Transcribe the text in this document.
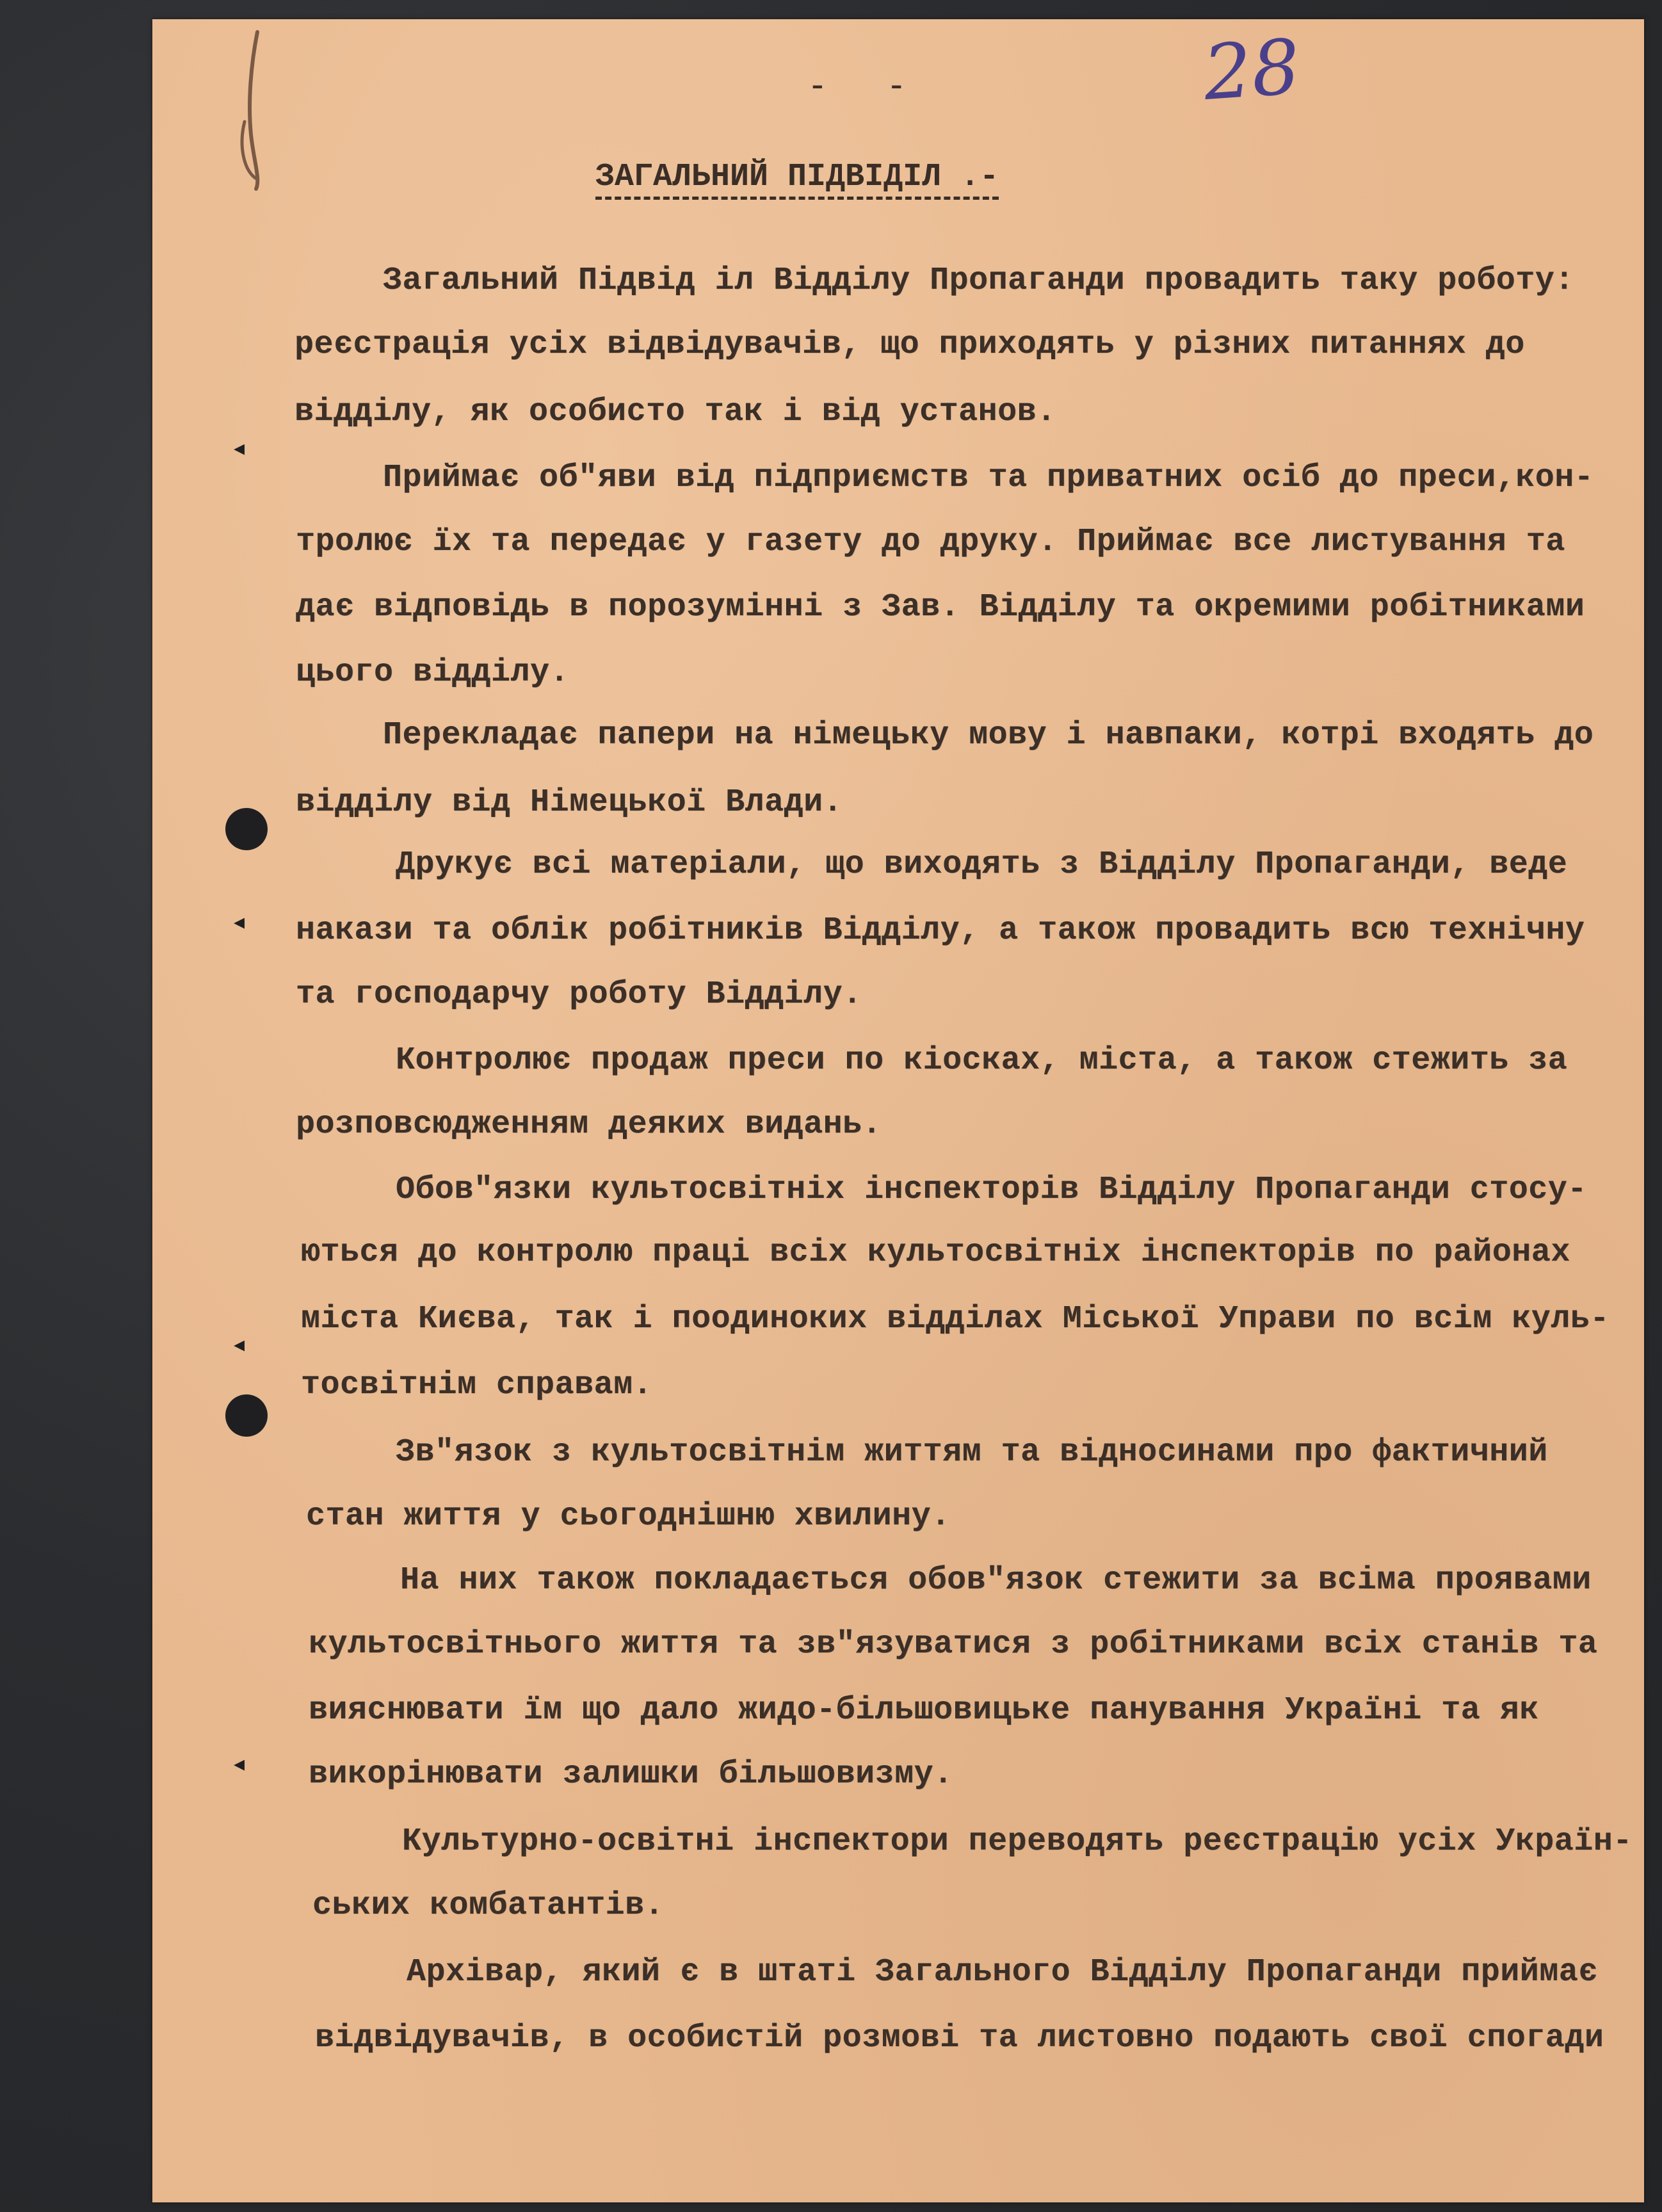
28
- -
◂
◂
◂
◂
ЗАГАЛЬНИЙ ПІДВІДІЛ .-
Загальний Підвід іл Відділу Пропаганди провадить таку роботу:
реєстрація усіх відвідувачів, що приходять у різних питаннях до
відділу, як особисто так і від установ.
Приймає об"яви від підприємств та приватних осіб до преси,кон-
тролює їх та передає у газету до друку. Приймає все листування та
дає відповідь в порозумінні з Зав. Відділу та окремими робітниками
цього відділу.
Перекладає папери на німецьку мову і навпаки, котрі входять до
відділу від Німецької Влади.
Друкує всі матеріали, що виходять з Відділу Пропаганди, веде
накази та облік робітників Відділу, а також провадить всю технічну
та господарчу роботу Відділу.
Контролює продаж преси по кіосках, міста, а також стежить за
розповсюдженням деяких видань.
Обов"язки культосвітніх інспекторів Відділу Пропаганди стосу-
ються до контролю праці всіх культосвітніх інспекторів по районах
міста Києва, так і поодиноких відділах Міської Управи по всім куль-
тосвітнім справам.
Зв"язок з культосвітнім життям та відносинами про фактичний
стан життя у сьогоднішню хвилину.
На них також покладається обов"язок стежити за всіма проявами
культосвітнього життя та зв"язуватися з робітниками всіх станів та
вияснювати їм що дало жидо-більшовицьке панування Україні та як
викорінювати залишки більшовизму.
Культурно-освітні інспектори переводять реєстрацію усіх Україн-
ських комбатантів.
Архівар, який є в штаті Загального Відділу Пропаганди приймає
відвідувачів, в особистій розмові та листовно подають свої спогади
